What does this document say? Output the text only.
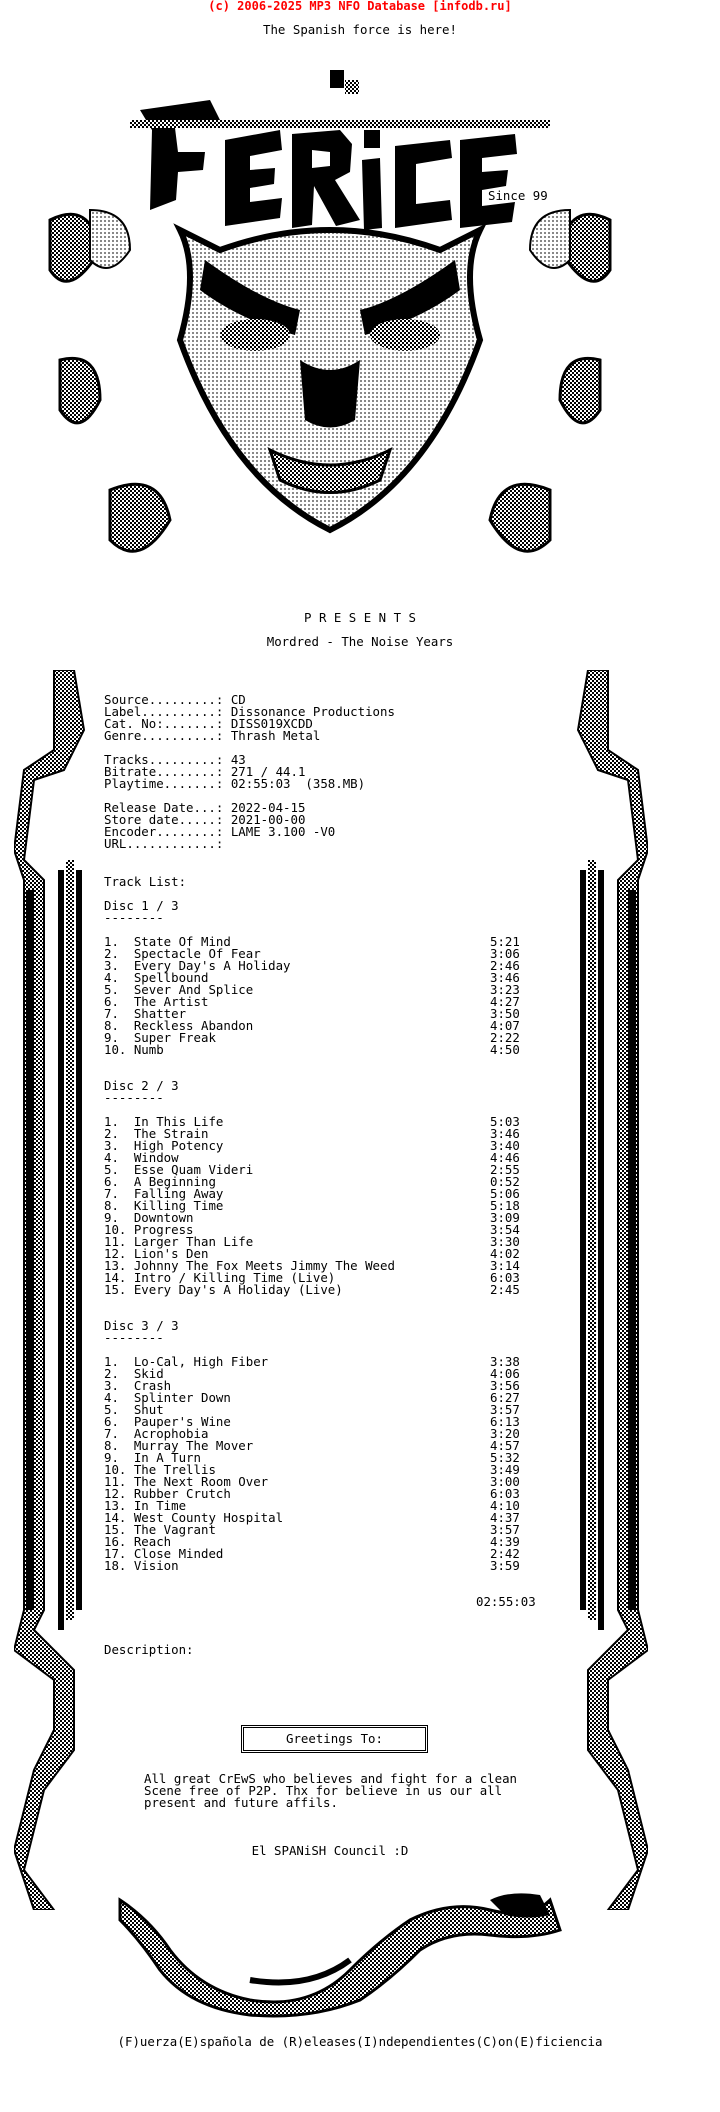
(c) 2006-2025 MP3 NFO Database [infodb.ru]
The Spanish force is here!
Since 99
P R E S E N T S
Mordred - The Noise Years
Source.........: CD
Label..........: Dissonance Productions
Cat. No:.......: DISS019XCDD
Genre..........: Thrash Metal
Tracks.........: 43
Bitrate........: 271 / 44.1
Playtime.......: 02:55:03  (358.MB)
Release Date...: 2022-04-15
Store date.....: 2021-00-00
Encoder........: LAME 3.100 -V0
URL............:
Track List:
Disc 1 / 3
--------
1.  State Of Mind	5:21
2.  Spectacle Of Fear	3:06
3.  Every Day's A Holiday	2:46
4.  Spellbound	3:46
5.  Sever And Splice	3:23
6.  The Artist	4:27
7.  Shatter	3:50
8.  Reckless Abandon	4:07
9.  Super Freak	2:22
10. Numb	4:50
Disc 2 / 3
--------
1.  In This Life	5:03
2.  The Strain	3:46
3.  High Potency	3:40
4.  Window	4:46
5.  Esse Quam Videri	2:55
6.  A Beginning	0:52
7.  Falling Away	5:06
8.  Killing Time	5:18
9.  Downtown	3:09
10. Progress	3:54
11. Larger Than Life	3:30
12. Lion's Den	4:02
13. Johnny The Fox Meets Jimmy The Weed	3:14
14. Intro / Killing Time (Live)	6:03
15. Every Day's A Holiday (Live)	2:45
Disc 3 / 3
--------
1.  Lo-Cal, High Fiber	3:38
2.  Skid	4:06
3.  Crash	3:56
4.  Splinter Down	6:27
5.  Shut	3:57
6.  Pauper's Wine	6:13
7.  Acrophobia	3:20
8.  Murray The Mover	4:57
9.  In A Turn	5:32
10. The Trellis	3:49
11. The Next Room Over	3:00
12. Rubber Crutch	6:03
13. In Time	4:10
14. West County Hospital	4:37
15. The Vagrant	3:57
16. Reach	4:39
17. Close Minded	2:42
18. Vision	3:59
02:55:03
Description:
Greetings To:
All great CrEwS who believes and fight for a clean
Scene free of P2P. Thx for believe in us our all
present and future affils.
El SPANiSH Council :D
(F)uerza(E)spañola de (R)eleases(I)ndependientes(C)on(E)ficiencia
